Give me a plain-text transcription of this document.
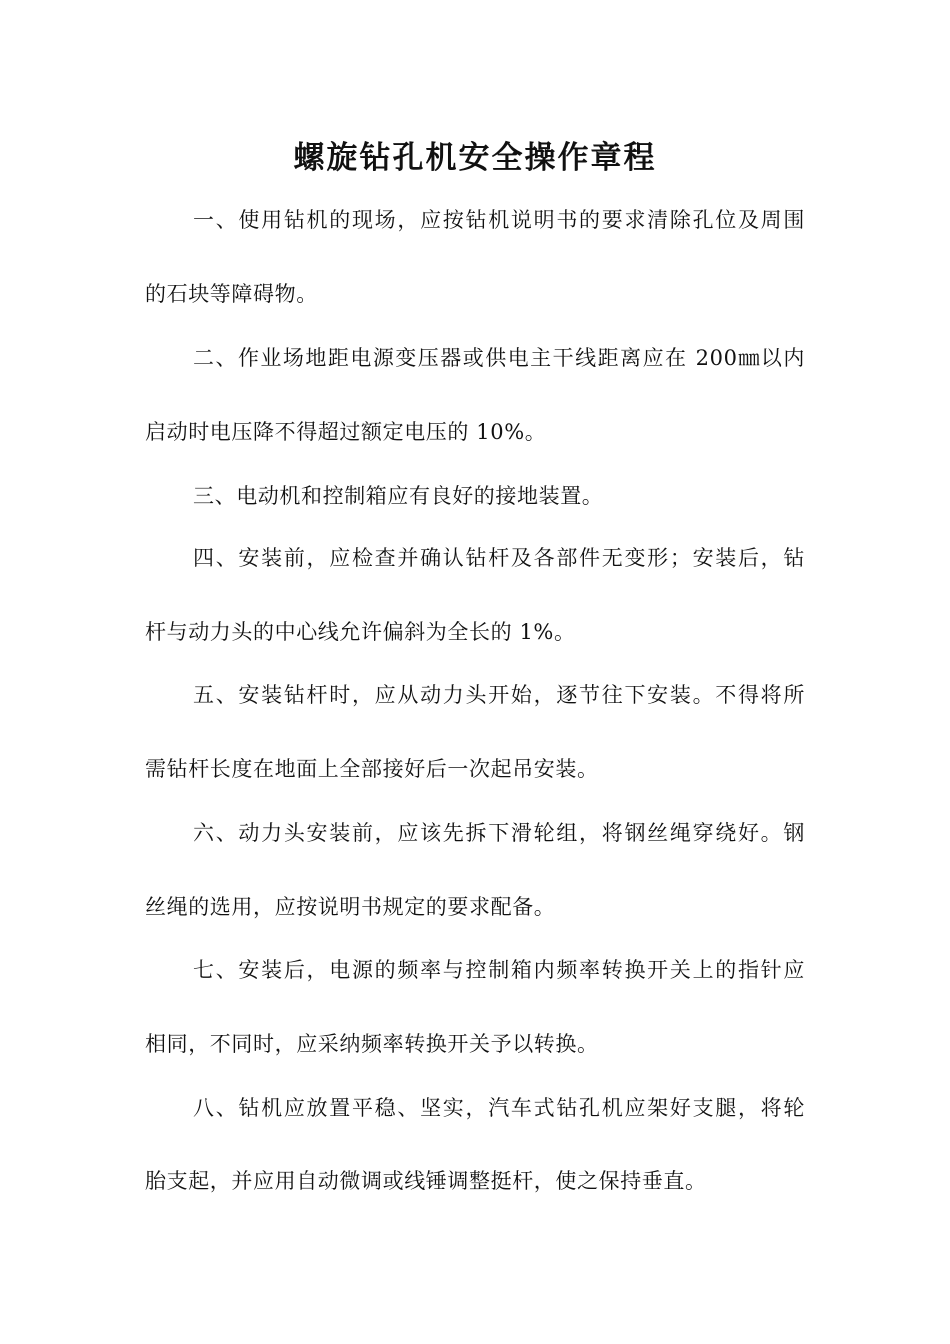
螺旋钻孔机安全操作章程
一、使用钻机的现场，应按钻机说明书的要求清除孔位及周围
的石块等障碍物。
二、作业场地距电源变压器或供电主干线距离应在 200㎜以内
启动时电压降不得超过额定电压的 10%。
三、电动机和控制箱应有良好的接地装置。
四、安装前，应检查并确认钻杆及各部件无变形；安装后，钻
杆与动力头的中心线允许偏斜为全长的 1%。
五、安装钻杆时，应从动力头开始，逐节往下安装。不得将所
需钻杆长度在地面上全部接好后一次起吊安装。
六、动力头安装前，应该先拆下滑轮组，将钢丝绳穿绕好。钢
丝绳的选用，应按说明书规定的要求配备。
七、安装后，电源的频率与控制箱内频率转换开关上的指针应
相同，不同时，应采纳频率转换开关予以转换。
八、钻机应放置平稳、坚实，汽车式钻孔机应架好支腿，将轮
胎支起，并应用自动微调或线锤调整挺杆，使之保持垂直。
